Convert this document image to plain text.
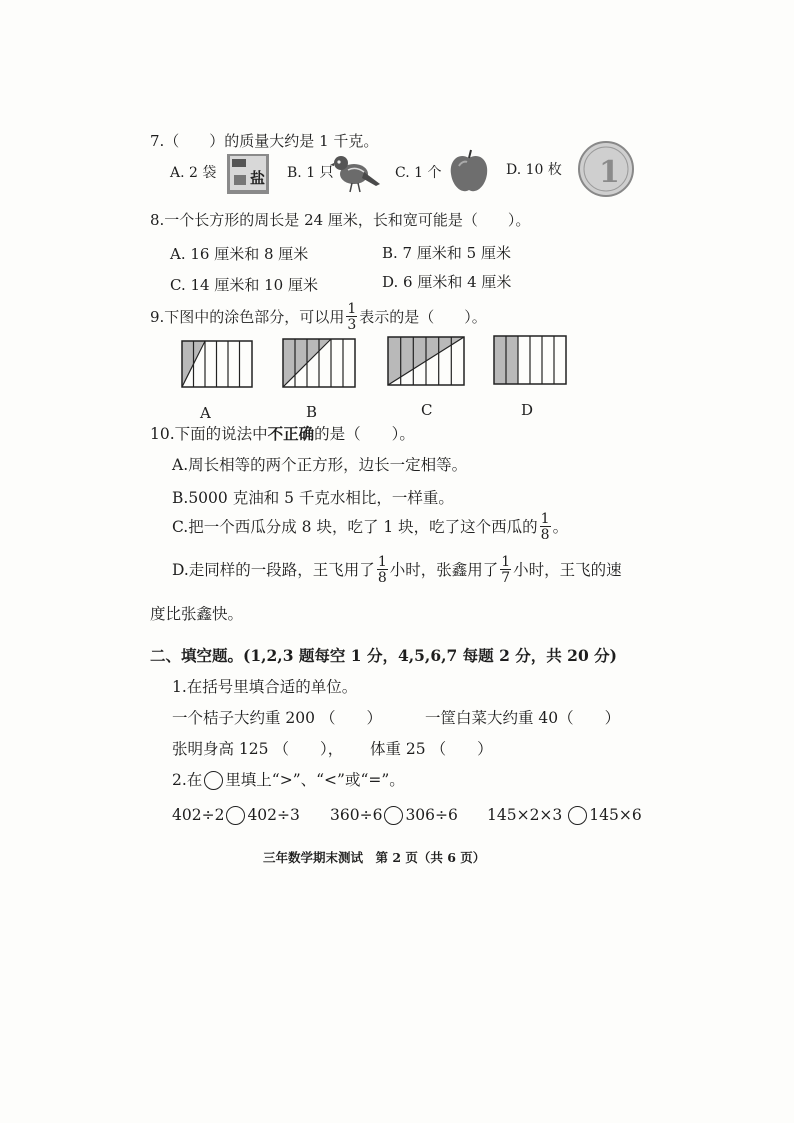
7.（　　）的质量大约是 1 千克。
A. 2 袋 盐 B. 1 只	C. 1 个	D. 10 枚 1
8.一个长方形的周长是 24 厘米，长和宽可能是（　　）。
A. 16 厘米和 8 厘米	B. 7 厘米和 5 厘米
C. 14 厘米和 10 厘米	D. 6 厘米和 4 厘米
9.下图中的涂色部分，可以用 $\frac{1}{3}$ 表示的是（　　）。
A	B	C	D
10.下面的说法中不正确的是（　　）。
A.周长相等的两个正方形，边长一定相等。
B.5000 克油和 5 千克水相比，一样重。
C.把一个西瓜分成 8 块，吃了 1 块，吃了这个西瓜的 $\frac{1}{8}$ 。
D.走同样的一段路，王飞用了 $\frac{1}{8}$ 小时，张鑫用了 $\frac{1}{7}$ 小时，王飞的速
度比张鑫快。
二、填空题。(1,2,3 题每空 1 分，4,5,6,7 每题 2 分，共 20 分)
1.在括号里填合适的单位。
一个桔子大约重 200 （　　）	一筐白菜大约重 40（　　）
张明身高 125 （　　）， 体重 25 （　　）
2.在 里填上“>”、“<”或“=”。
402÷2 402÷3 360÷6 306÷6 145×2×3 145×6
三年数学期末测试　第 2 页（共 6 页）
